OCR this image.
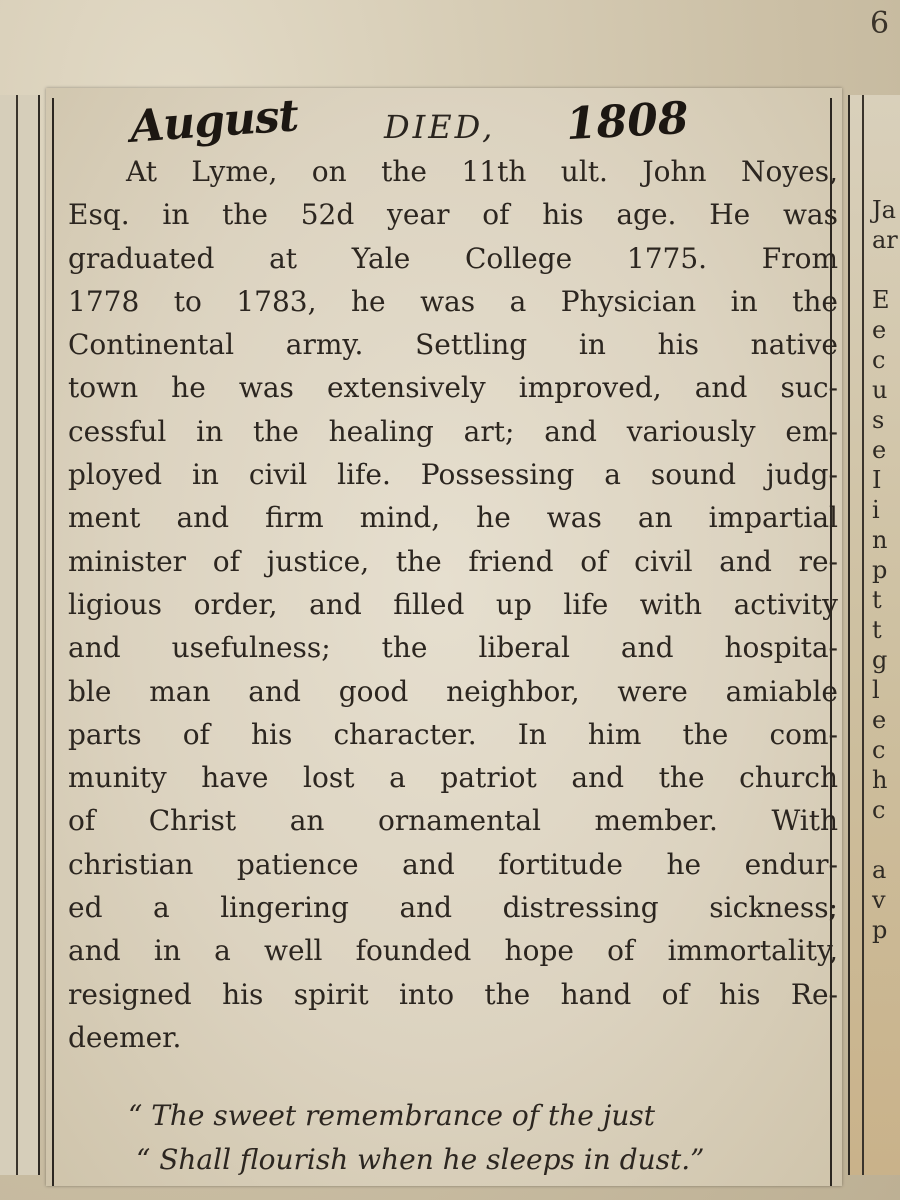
6
Ja
ar
E
e
c
u
s
e
I
i
n
p
t
t
g
l
e
c
h
c
a
v
p
August	DIED, 1808
At Lyme, on the 11th ult. John Noyes,
Esq. in the 52d year of his age. He was
graduated at Yale College 1775. From
1778 to 1783, he was a Physician in the
Continental army. Settling in his native
town he was extensively improved, and suc-
cessful in the healing art; and variously em-
ployed in civil life. Possessing a sound judg-
ment and firm mind, he was an impartial
minister of justice, the friend of civil and re-
ligious order, and filled up life with activity
and usefulness; the liberal and hospita-
ble man and good neighbor, were amiable
parts of his character. In him the com-
munity have lost a patriot and the church
of Christ an ornamental member. With
christian patience and fortitude he endur-
ed a lingering and distressing sickness;
and in a well founded hope of immortality,
resigned his spirit into the hand of his Re-
deemer.
“ The sweet remembrance of the just
“ Shall flourish when he sleeps in dust.”
